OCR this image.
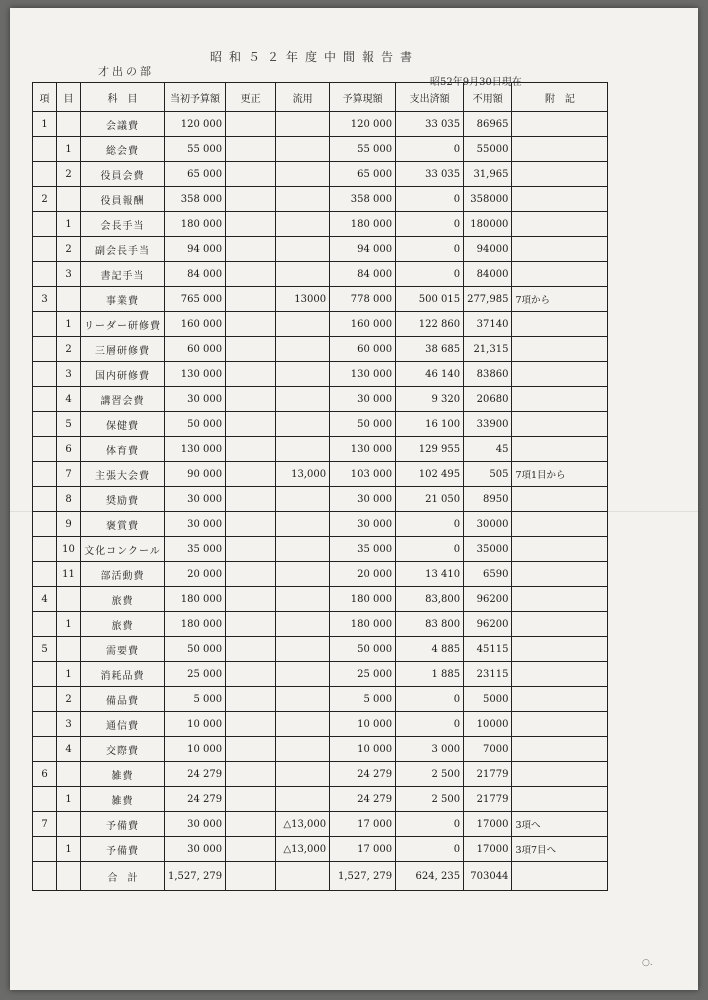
昭和５２年度中間報告書
才出の部
昭52年9月30日現在
項	目	科　目	当初予算額	更正	流用	予算現額	支出済額	不用額	附　記
1		会議費	120 000			120 000	33 035	86965	
	1	総会費	55 000			55 000	0	55000	
	2	役員会費	65 000			65 000	33 035	31,965	
2		役員報酬	358 000			358 000	0	358000	
	1	会長手当	180 000			180 000	0	180000	
	2	副会長手当	94 000			94 000	0	94000	
	3	書記手当	84 000			84 000	0	84000	
3		事業費	765 000		13000	778 000	500 015	277,985	7項から
	1	リーダー研修費	160 000			160 000	122 860	37140	
	2	三層研修費	60 000			60 000	38 685	21,315	
	3	国内研修費	130 000			130 000	46 140	83860	
	4	講習会費	30 000			30 000	9 320	20680	
	5	保健費	50 000			50 000	16 100	33900	
	6	体育費	130 000			130 000	129 955	45	
	7	主張大会費	90 000		13,000	103 000	102 495	505	7項1目から
	8	奨励費	30 000			30 000	21 050	8950	
	9	褒賞費	30 000			30 000	0	30000	
	10	文化コンクール	35 000			35 000	0	35000	
	11	部活動費	20 000			20 000	13 410	6590	
4		旅費	180 000			180 000	83,800	96200	
	1	旅費	180 000			180 000	83 800	96200	
5		需要費	50 000			50 000	4 885	45115	
	1	消耗品費	25 000			25 000	1 885	23115	
	2	備品費	5 000			5 000	0	5000	
	3	通信費	10 000			10 000	0	10000	
	4	交際費	10 000			10 000	3 000	7000	
6		雑費	24 279			24 279	2 500	21779	
	1	雑費	24 279			24 279	2 500	21779	
7		予備費	30 000		△13,000	17 000	0	17000	3項へ
	1	予備費	30 000		△13,000	17 000	0	17000	3項7目へ
		合　計	1,527, 279			1,527, 279	624, 235	703044	
○.
